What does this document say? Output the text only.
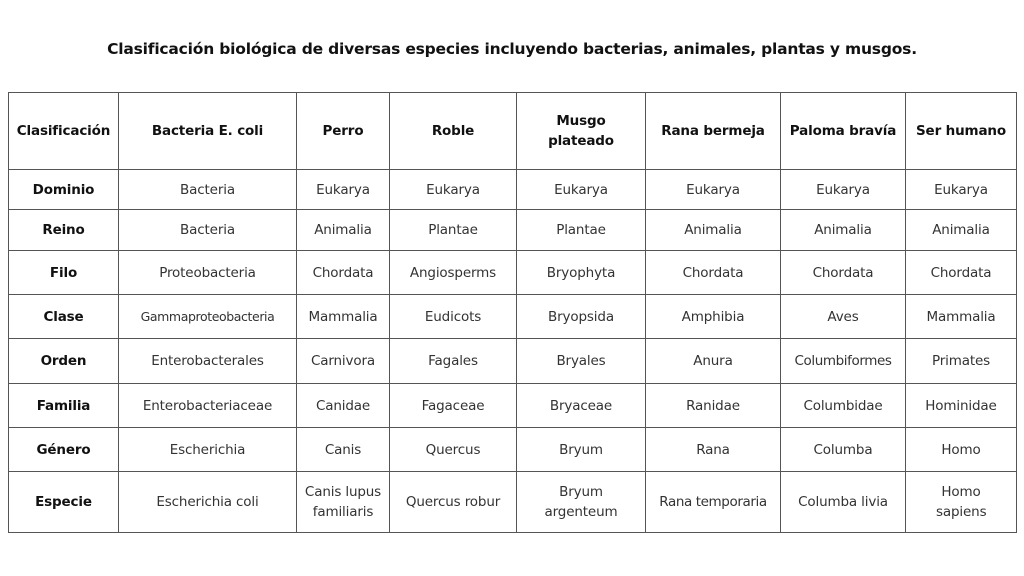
Clasificación biológica de diversas especies incluyendo bacterias, animales, plantas y musgos.
Clasificación	Bacteria E. coli	Perro	Roble	Musgo plateado	Rana bermeja	Paloma bravía	Ser humano
Dominio	Bacteria	Eukarya	Eukarya	Eukarya	Eukarya	Eukarya	Eukarya
Reino	Bacteria	Animalia	Plantae	Plantae	Animalia	Animalia	Animalia
Filo	Proteobacteria	Chordata	Angiosperms	Bryophyta	Chordata	Chordata	Chordata
Clase	Gammaproteobacteria	Mammalia	Eudicots	Bryopsida	Amphibia	Aves	Mammalia
Orden	Enterobacterales	Carnivora	Fagales	Bryales	Anura	Columbiformes	Primates
Familia	Enterobacteriaceae	Canidae	Fagaceae	Bryaceae	Ranidae	Columbidae	Hominidae
Género	Escherichia	Canis	Quercus	Bryum	Rana	Columba	Homo
Especie	Escherichia coli	Canis lupus familiaris	Quercus robur	Bryum argenteum	Rana temporaria	Columba livia	Homo sapiens
